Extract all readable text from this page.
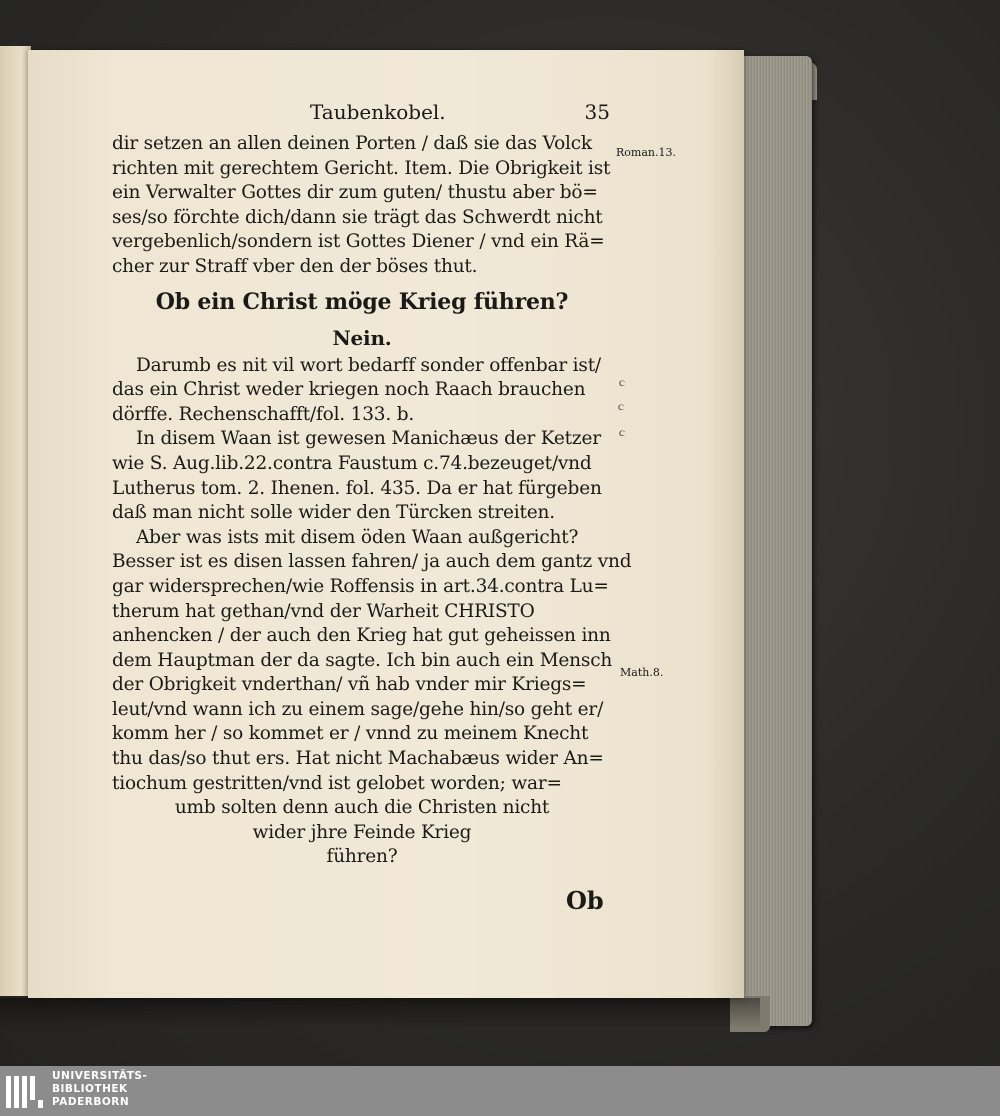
Taubenkobel.	35
dir setzen an allen deinen Porten / daß sie das Volck
richten mit gerechtem Gericht. Item. Die Obrigkeit ist
ein Verwalter Gottes dir zum guten/ thustu aber bö=
ses/so förchte dich/dann sie trägt das Schwerdt nicht
vergebenlich/sondern ist Gottes Diener / vnd ein Rä=
cher zur Straff vber den der böses thut.
Ob ein Christ möge Krieg führen?
Nein.
Darumb es nit vil wort bedarff sonder offenbar ist/
das ein Christ weder kriegen noch Raach brauchen
dörffe. Rechenschafft/fol. 133. b.
In disem Waan ist gewesen Manichæus der Ketzer
wie S. Aug.lib.22.contra Faustum c.74.bezeuget/vnd
Lutherus tom. 2. Ihenen. fol. 435. Da er hat fürgeben
daß man nicht solle wider den Türcken streiten.
Aber was ists mit disem öden Waan außgericht?
Besser ist es disen lassen fahren/ ja auch dem gantz vnd
gar widersprechen/wie Roffensis in art.34.contra Lu=
therum hat gethan/vnd der Warheit CHRISTO
anhencken / der auch den Krieg hat gut geheissen inn
dem Hauptman der da sagte. Ich bin auch ein Mensch
der Obrigkeit vnderthan/ vñ hab vnder mir Kriegs=
leut/vnd wann ich zu einem sage/gehe hin/so geht er/
komm her / so kommet er / vnnd zu meinem Knecht
thu das/so thut ers. Hat nicht Machabæus wider An=
tiochum gestritten/vnd ist gelobet worden; war=
umb solten denn auch die Christen nicht
wider jhre Feinde Krieg
führen?
Roman.13.
Math.8.
ｃ
ｃ
ｃ
Ob
UNIVERSITÄTS-
BIBLIOTHEK
PADERBORN
